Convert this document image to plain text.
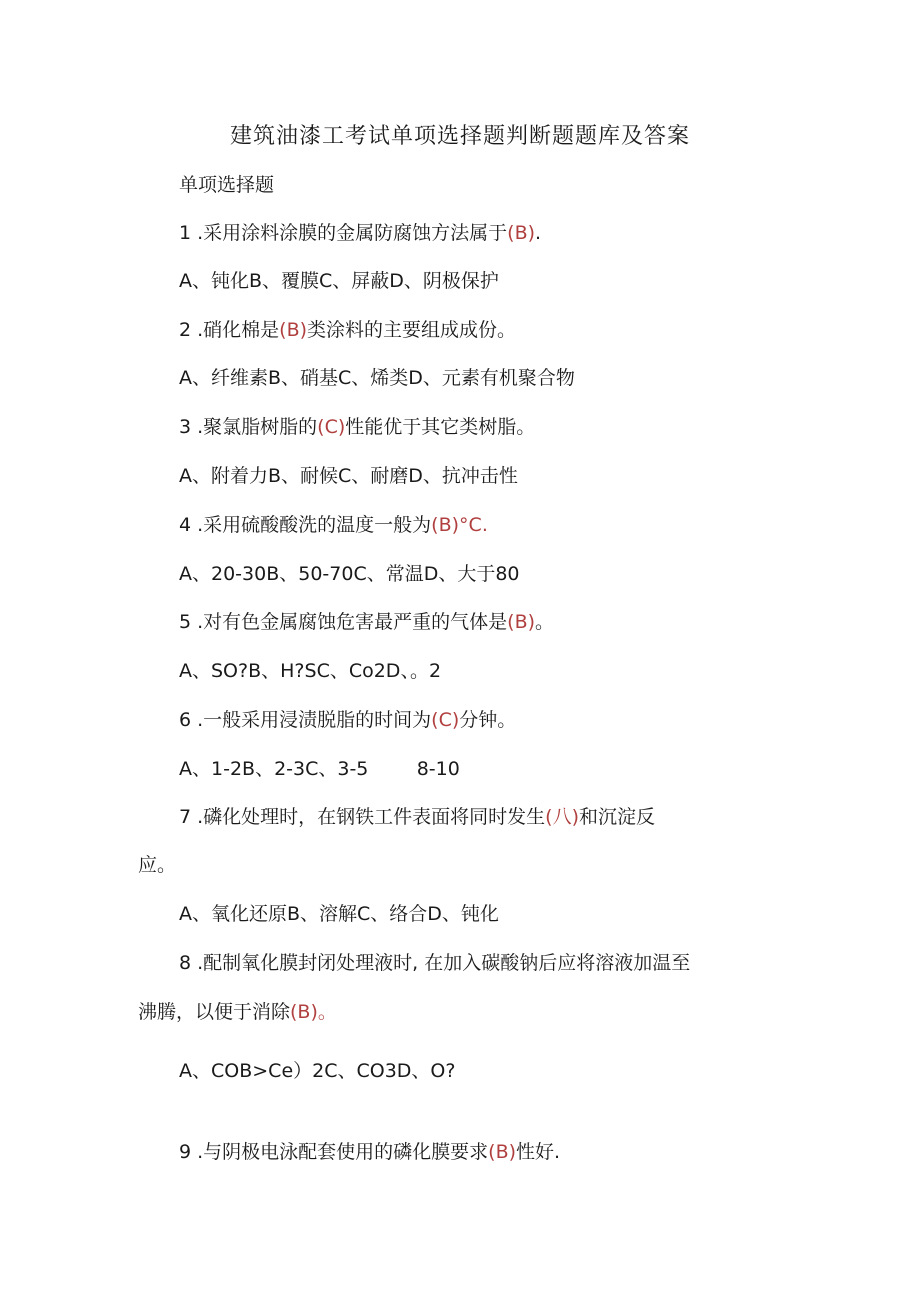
建筑油漆工考试单项选择题判断题题库及答案
单项选择题
1 .采用涂料涂膜的金属防腐蚀方法属于(B).
A、钝化B、覆膜C、屏蔽D、阴极保护
2 .硝化棉是(B)类涂料的主要组成成份。
A、纤维素B、硝基C、烯类D、元素有机聚合物
3 .聚氯脂树脂的(C)性能优于其它类树脂。
A、附着力B、耐候C、耐磨D、抗冲击性
4 .采用硫酸酸洗的温度一般为(B)°C.
A、20-30B、50-70C、常温D、大于80
5 .对有色金属腐蚀危害最严重的气体是(B)。
A、SO?B、H?SC、Co2D、。2
6 .一般采用浸渍脱脂的时间为(C)分钟。
A、1-2B、2-3C、3-5        8-10
7 .磷化处理时，在钢铁工件表面将同时发生(八)和沉淀反
应。
A、氧化还原B、溶解C、络合D、钝化
8 .配制氧化膜封闭处理液时, 在加入碳酸钠后应将溶液加温至
沸腾，以便于消除(B)。
A、COB>Ce）2C、CO3D、O?
9 .与阴极电泳配套使用的磷化膜要求(B)性好.
